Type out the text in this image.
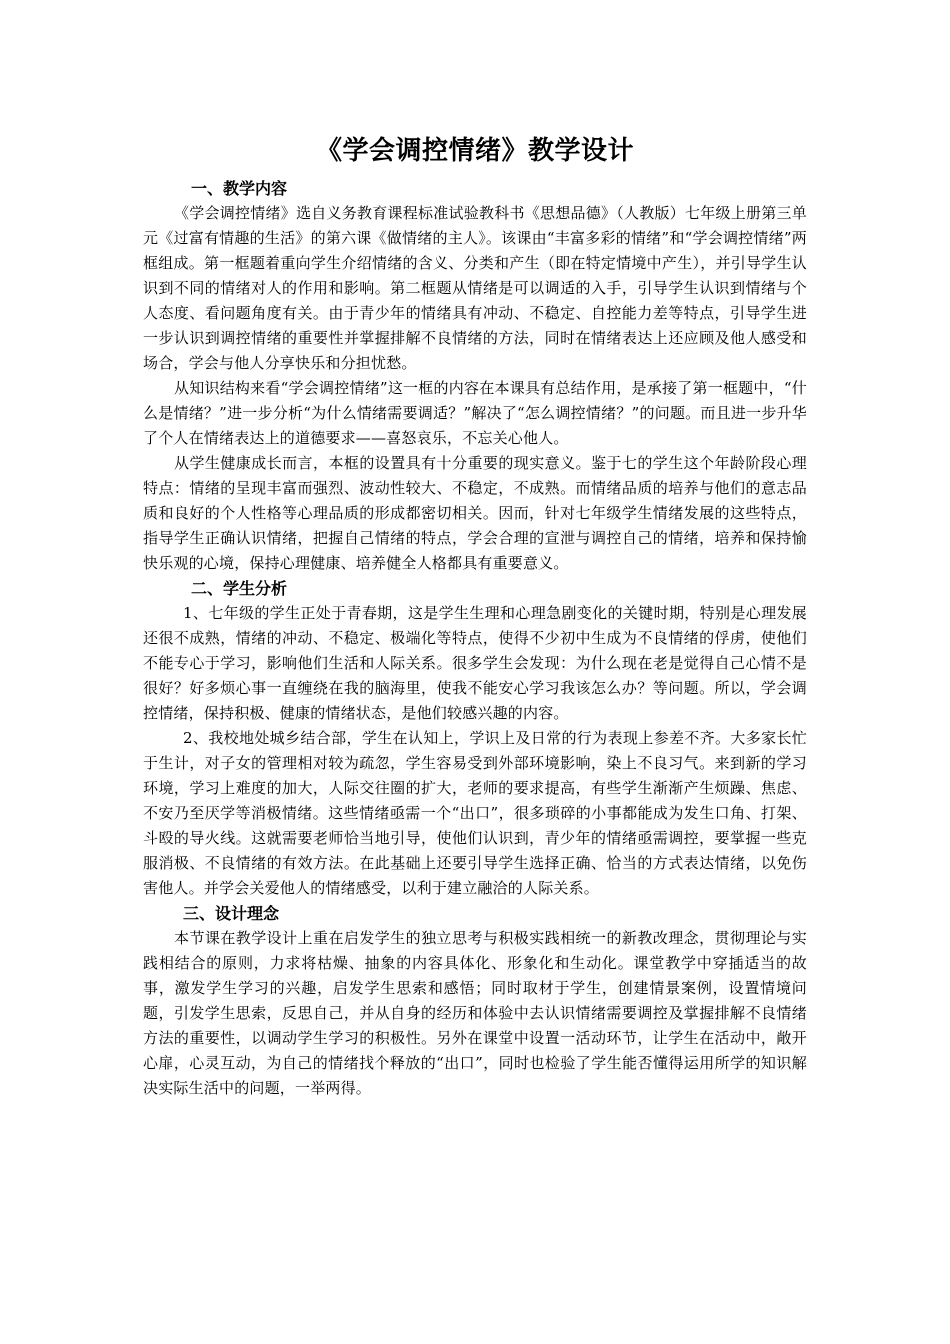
《学会调控情绪》教学设计
一、教学内容

《学会调控情绪》选自义务教育课程标准试验教科书《思想品德》（人教版）七年级上册第三单元《过富有情趣的生活》的第六课《做情绪的主人》。该课由“丰富多彩的情绪”和“学会调控情绪”两框组成。第一框题着重向学生介绍情绪的含义、分类和产生（即在特定情境中产生），并引导学生认识到不同的情绪对人的作用和影响。第二框题从情绪是可以调适的入手，引导学生认识到情绪与个人态度、看问题角度有关。由于青少年的情绪具有冲动、不稳定、自控能力差等特点，引导学生进一步认识到调控情绪的重要性并掌握排解不良情绪的方法，同时在情绪表达上还应顾及他人感受和场合，学会与他人分享快乐和分担忧愁。

从知识结构来看“学会调控情绪”这一框的内容在本课具有总结作用，是承接了第一框题中，“什么是情绪？”进一步分析“为什么情绪需要调适？”解决了“怎么调控情绪？”的问题。而且进一步升华了个人在情绪表达上的道德要求——喜怒哀乐，不忘关心他人。

从学生健康成长而言，本框的设置具有十分重要的现实意义。鉴于七的学生这个年龄阶段心理特点：情绪的呈现丰富而强烈、波动性较大、不稳定，不成熟。而情绪品质的培养与他们的意志品质和良好的个人性格等心理品质的形成都密切相关。因而，针对七年级学生情绪发展的这些特点，指导学生正确认识情绪，把握自己情绪的特点，学会合理的宣泄与调控自己的情绪，培养和保持愉快乐观的心境，保持心理健康、培养健全人格都具有重要意义。

二、学生分析

1、七年级的学生正处于青春期，这是学生生理和心理急剧变化的关键时期，特别是心理发展还很不成熟，情绪的冲动、不稳定、极端化等特点，使得不少初中生成为不良情绪的俘虏，使他们不能专心于学习，影响他们生活和人际关系。很多学生会发现：为什么现在老是觉得自己心情不是很好？好多烦心事一直缠绕在我的脑海里，使我不能安心学习我该怎么办？等问题。所以，学会调控情绪，保持积极、健康的情绪状态，是他们较感兴趣的内容。

2、我校地处城乡结合部，学生在认知上，学识上及日常的行为表现上参差不齐。大多家长忙于生计，对子女的管理相对较为疏忽，学生容易受到外部环境影响，染上不良习气。来到新的学习环境，学习上难度的加大，人际交往圈的扩大，老师的要求提高，有些学生渐渐产生烦躁、焦虑、不安乃至厌学等消极情绪。这些情绪亟需一个“出口”，很多琐碎的小事都能成为发生口角、打架、斗殴的导火线。这就需要老师恰当地引导，使他们认识到，青少年的情绪亟需调控，要掌握一些克服消极、不良情绪的有效方法。在此基础上还要引导学生选择正确、恰当的方式表达情绪，以免伤害他人。并学会关爱他人的情绪感受，以利于建立融洽的人际关系。

三、设计理念

本节课在教学设计上重在启发学生的独立思考与积极实践相统一的新教改理念，贯彻理论与实践相结合的原则，力求将枯燥、抽象的内容具体化、形象化和生动化。课堂教学中穿插适当的故事，激发学生学习的兴趣，启发学生思索和感悟；同时取材于学生，创建情景案例，设置情境问题，引发学生思索，反思自己，并从自身的经历和体验中去认识情绪需要调控及掌握排解不良情绪方法的重要性，以调动学生学习的积极性。另外在课堂中设置一活动环节，让学生在活动中，敞开心扉，心灵互动，为自己的情绪找个释放的“出口”，同时也检验了学生能否懂得运用所学的知识解决实际生活中的问题，一举两得。
